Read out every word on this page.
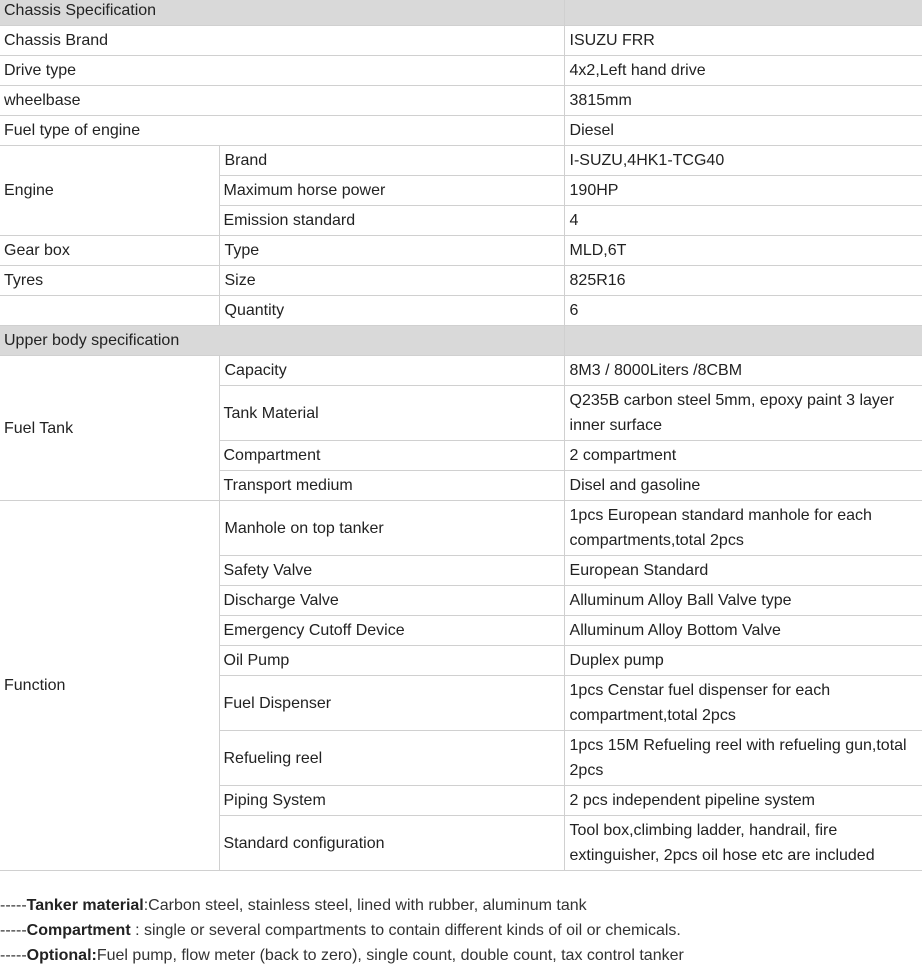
Chassis Specification		
Chassis Brand		ISUZU FRR
Drive type		4x2,Left hand drive
wheelbase		3815mm
Fuel type of engine		Diesel
Engine	Brand	I-SUZU,4HK1-TCG40
	Maximum horse power	190HP
	Emission standard	4
Gear box	Type	MLD,6T
Tyres	Size	825R16
	Quantity	6
Upper body specification		
Fuel Tank	Capacity	8M3 / 8000Liters /8CBM
	Tank Material	Q235B carbon steel 5mm, epoxy paint 3 layer inner surface
	Compartment	2 compartment
	Transport medium	Disel and gasoline
Function	Manhole on top tanker	1pcs European standard manhole for each compartments,total 2pcs
	Safety Valve	European Standard
	Discharge Valve	Alluminum Alloy Ball Valve type
	Emergency Cutoff Device	Alluminum Alloy Bottom Valve
	Oil Pump	Duplex pump
	Fuel Dispenser	1pcs Censtar fuel dispenser for each compartment,total 2pcs
	Refueling reel	1pcs 15M Refueling reel with refueling gun,total 2pcs
	Piping System	2 pcs independent pipeline system
	Standard configuration	Tool box,climbing ladder, handrail, fire extinguisher, 2pcs oil hose etc are included
-----Tanker material:Carbon steel, stainless steel, lined with rubber, aluminum tank
-----Compartment : single or several compartments to contain different kinds of oil or chemicals.
-----Optional:Fuel pump, flow meter (back to zero), single count, double count, tax control tanker
